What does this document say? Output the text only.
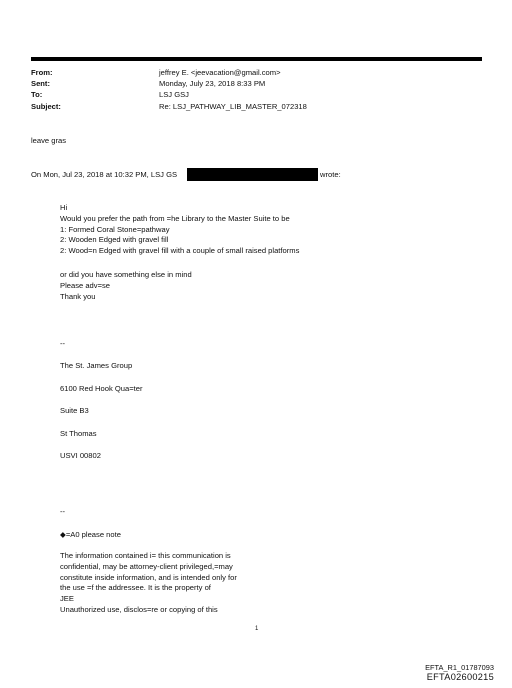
From:	jeffrey E. <jeevacation@gmail.com>
Sent:	Monday, July 23, 2018 8:33 PM
To:	LSJ GSJ
Subject:	Re: LSJ_PATHWAY_LIB_MASTER_072318
leave gras
On Mon, Jul 23, 2018 at 10:32 PM, LSJ GS	wrote:
Hi
Would you prefer the path from =he Library to the Master Suite to be
1: Formed Coral Stone=pathway
2: Wooden Edged with gravel fill
2: Wood=n Edged with gravel fill with a couple of small raised platforms
or did you have something else in mind
Please adv=se
Thank you
--
The St. James Group
6100 Red Hook Qua=ter
Suite B3
St Thomas
USVI 00802
--
◆=A0 please note
The information contained i= this communication is
confidential, may be attorney-client privileged,=may
constitute inside information, and is intended only for
the use =f the addressee. It is the property of
JEE
Unauthorized use, disclos=re or copying of this
1
EFTA_R1_01787093
EFTA02600215
